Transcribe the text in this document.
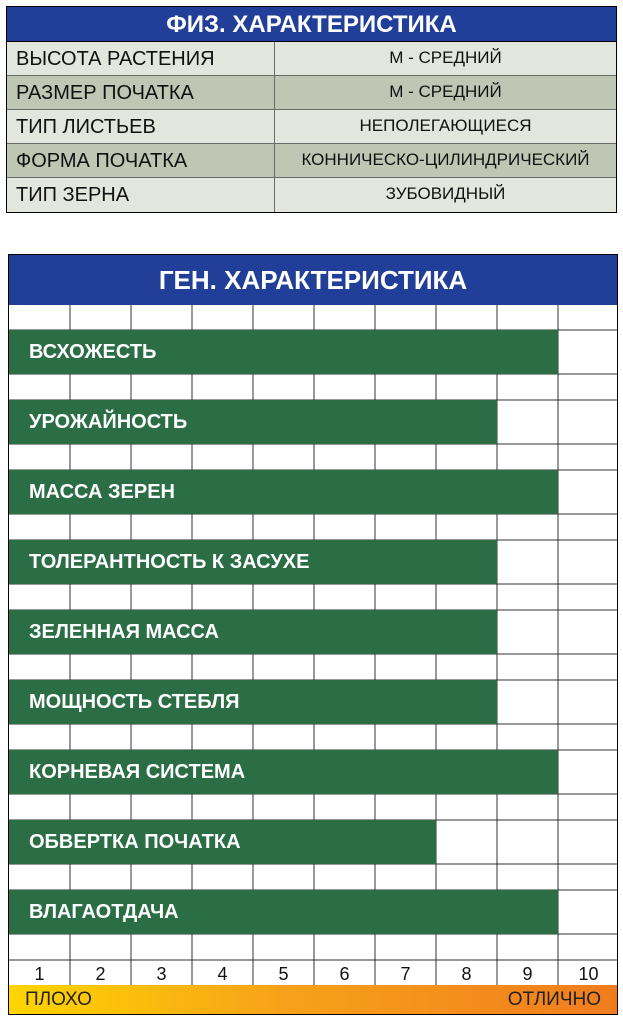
ФИЗ. ХАРАКТЕРИСТИКА
ВЫСОТА РАСТЕНИЯ	М - СРЕДНИЙ
РАЗМЕР ПОЧАТКА	М - СРЕДНИЙ
ТИП ЛИСТЬЕВ	НЕПОЛЕГАЮЩИЕСЯ
ФОРМА ПОЧАТКА	КОННИЧЕСКО-ЦИЛИНДРИЧЕСКИЙ
ТИП ЗЕРНА	ЗУБОВИДНЫЙ
ГЕН. ХАРАКТЕРИСТИКА
ВСХОЖЕСТЬ
УРОЖАЙНОСТЬ
МАССА ЗЕРЕН
ТОЛЕРАНТНОСТЬ К ЗАСУХЕ
ЗЕЛЕННАЯ МАССА
МОЩНОСТЬ СТЕБЛЯ
КОРНЕВАЯ СИСТЕМА
ОБВЕРТКА ПОЧАТКА
ВЛАГАОТДАЧА
1	2	3	4	5	6	7	8	9	10
ПЛОХО	ОТЛИЧНО
